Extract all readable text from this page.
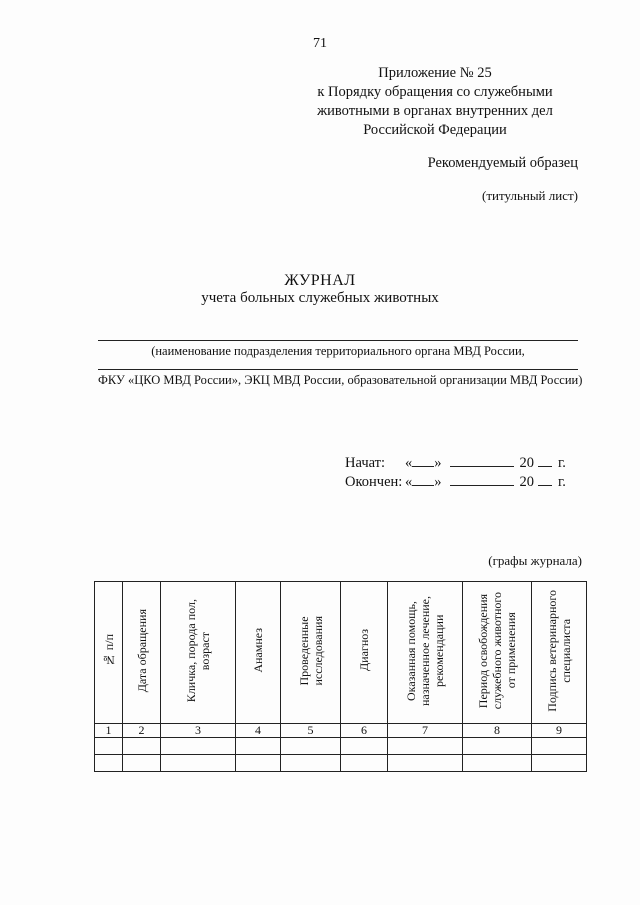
71
Приложение № 25
к Порядку обращения со служебными
животными в органах внутренних дел
Российской Федерации
Рекомендуемый образец
(титульный лист)
ЖУРНАЛ
учета больных служебных животных
(наименование подразделения территориального органа МВД России,
ФКУ «ЦКО МВД России», ЭКЦ МВД России, образовательной организации МВД России)
Начат:	« »	20 г.
Окончен: « »	20 г.
(графы журнала)
№ п/п	Дата обращения	Кличка, порода пол,
возраст	Анамнез	Проведенные
исследования	Диагноз	Оказанная помощь,
назначенное лечение,
рекомендации	Период освобождения
служебного животного
от применения	Подпись ветеринарного
специалиста
1	2	3	4	5	6	7	8	9
